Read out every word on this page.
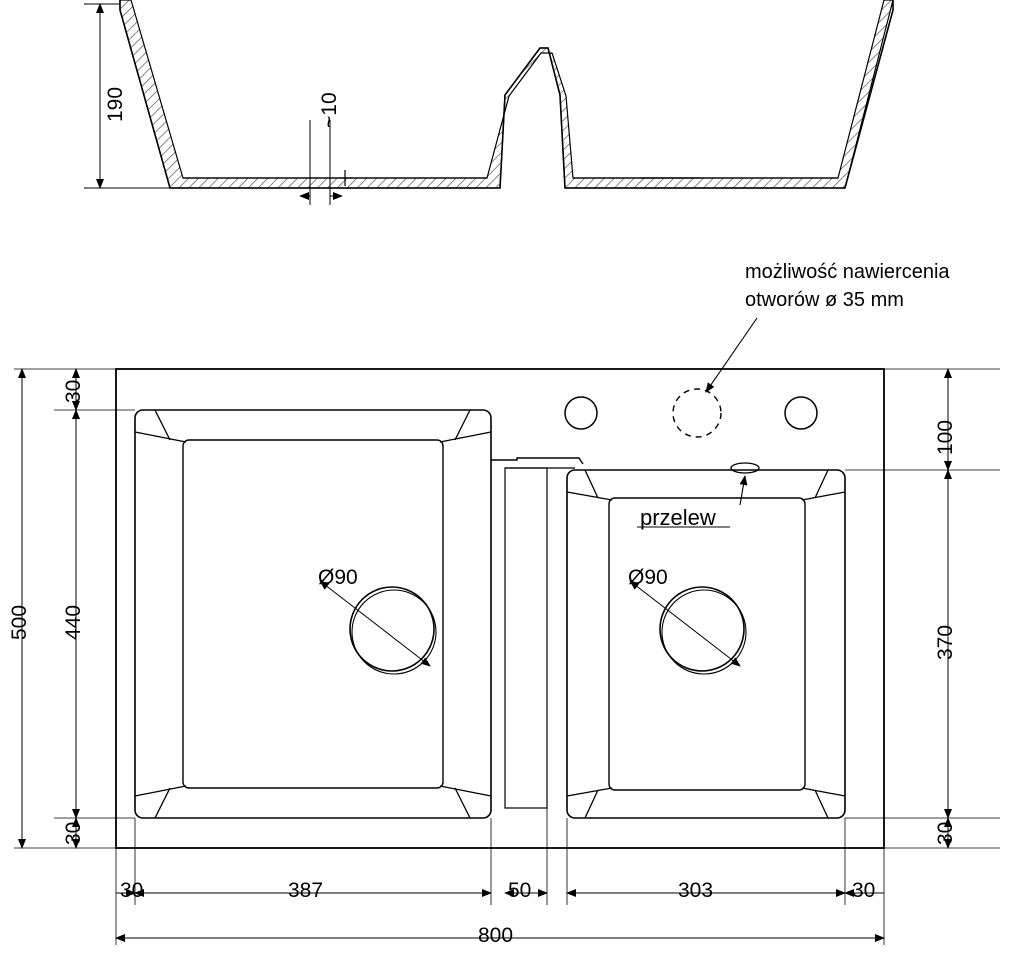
190	~10
możliwość nawiercenia
otworów ø 35 mm
przelew
500 440
30
30
100
370
30
Ø90	Ø90
30	387	50	303	30
800
